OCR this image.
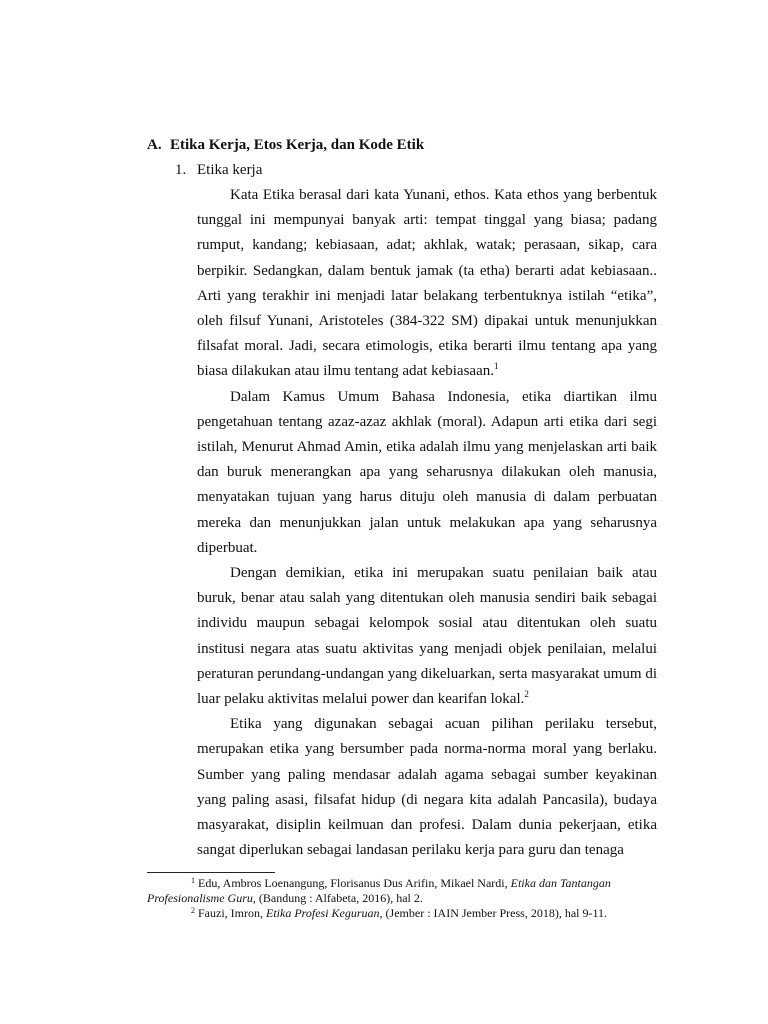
A. Etika Kerja, Etos Kerja, dan Kode Etik
1. Etika kerja

Kata Etika berasal dari kata Yunani, ethos. Kata ethos yang berbentuk tunggal ini mempunyai banyak arti: tempat tinggal yang biasa; padang rumput, kandang; kebiasaan, adat; akhlak, watak; perasaan, sikap, cara berpikir. Sedangkan, dalam bentuk jamak (ta etha) berarti adat kebiasaan.. Arti yang terakhir ini menjadi latar belakang terbentuknya istilah “etika”, oleh filsuf Yunani, Aristoteles (384-322 SM) dipakai untuk menunjukkan filsafat moral. Jadi, secara etimologis, etika berarti ilmu tentang apa yang biasa dilakukan atau ilmu tentang adat kebiasaan.$^1$

Dalam Kamus Umum Bahasa Indonesia, etika diartikan ilmu pengetahuan tentang azaz-azaz akhlak (moral). Adapun arti etika dari segi istilah, Menurut Ahmad Amin, etika adalah ilmu yang menjelaskan arti baik dan buruk menerangkan apa yang seharusnya dilakukan oleh manusia, menyatakan tujuan yang harus dituju oleh manusia di dalam perbuatan mereka dan menunjukkan jalan untuk melakukan apa yang seharusnya diperbuat.

Dengan demikian, etika ini merupakan suatu penilaian baik atau buruk, benar atau salah yang ditentukan oleh manusia sendiri baik sebagai individu maupun sebagai kelompok sosial atau ditentukan oleh suatu institusi negara atas suatu aktivitas yang menjadi objek penilaian, melalui peraturan perundang-undangan yang dikeluarkan, serta masyarakat umum di luar pelaku aktivitas melalui power dan kearifan lokal.$^2$

Etika yang digunakan sebagai acuan pilihan perilaku tersebut, merupakan etika yang bersumber pada norma-norma moral yang berlaku. Sumber yang paling mendasar adalah agama sebagai sumber keyakinan yang paling asasi, filsafat hidup (di negara kita adalah Pancasila), budaya masyarakat, disiplin keilmuan dan profesi. Dalam dunia pekerjaan, etika sangat diperlukan sebagai landasan perilaku kerja para guru dan tenaga

$^1$ Edu, Ambros Loenangung, Florisanus Dus Arifin, Mikael Nardi, Etika dan Tantangan Profesionalisme Guru, (Bandung : Alfabeta, 2016), hal 2.

$^2$ Fauzi, Imron, Etika Profesi Keguruan, (Jember : IAIN Jember Press, 2018), hal 9-11.
